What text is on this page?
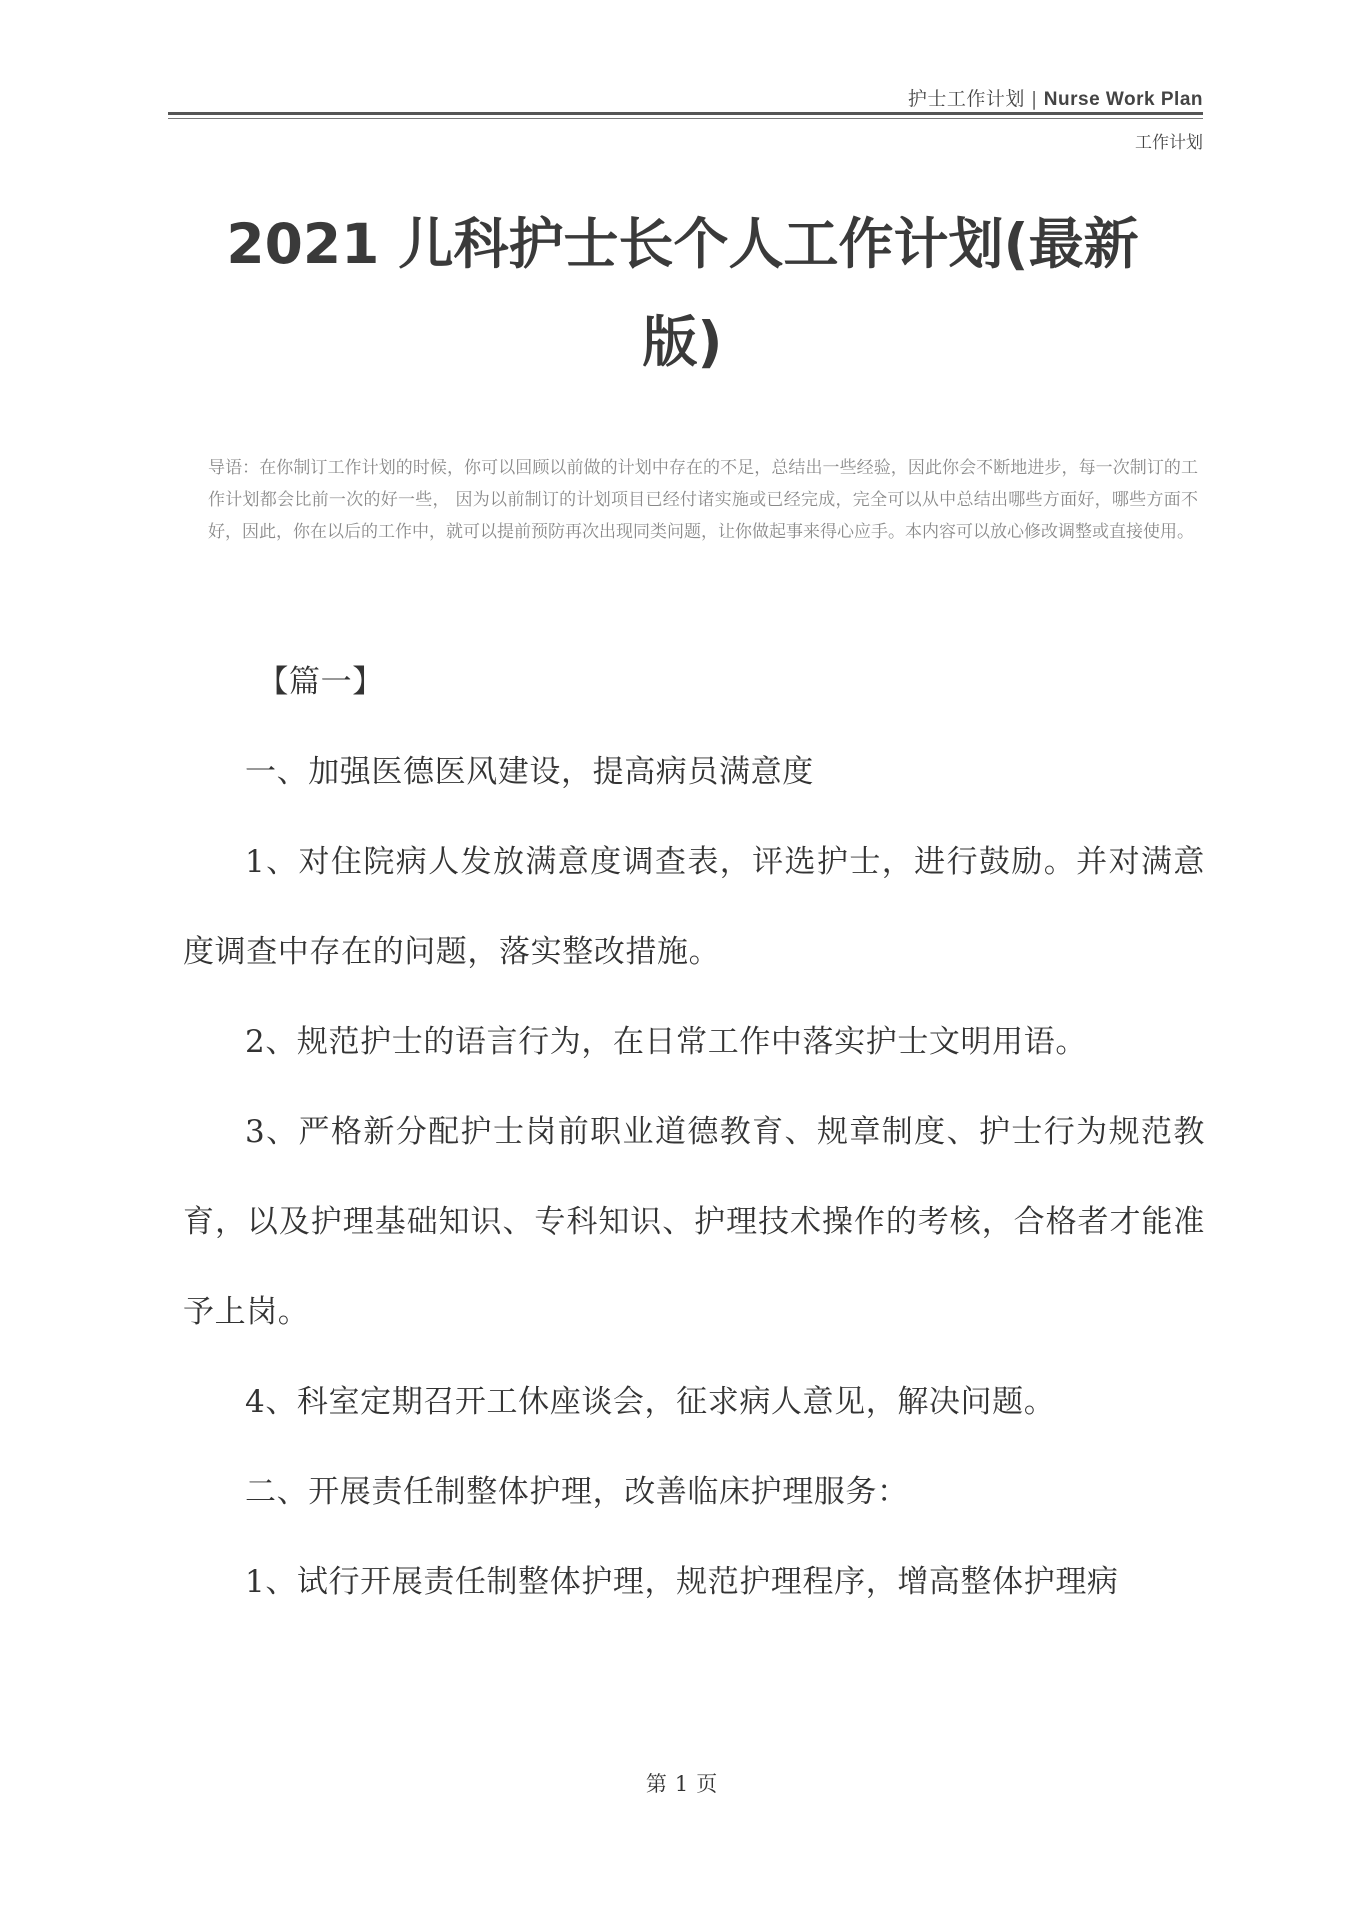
护士工作计划 | Nurse Work Plan
工作计划
2021 儿科护士长个人工作计划(最新
版)

导语：在你制订工作计划的时候，你可以回顾以前做的计划中存在的不足，总结出一些经验，因此你会不断地进步，每一次制订的工作计划都会比前一次的好一些， 因为以前制订的计划项目已经付诸实施或已经完成，完全可以从中总结出哪些方面好，哪些方面不好，因此，你在以后的工作中，就可以提前预防再次出现同类问题，让你做起事来得心应手。本内容可以放心修改调整或直接使用。

【篇一】

一、加强医德医风建设，提高病员满意度

1、对住院病人发放满意度调查表，评选护士，进行鼓励。并对满意度调查中存在的问题，落实整改措施。

2、规范护士的语言行为，在日常工作中落实护士文明用语。

3、严格新分配护士岗前职业道德教育、规章制度、护士行为规范教育，以及护理基础知识、专科知识、护理技术操作的考核，合格者才能准予上岗。

4、科室定期召开工休座谈会，征求病人意见，解决问题。

二、开展责任制整体护理，改善临床护理服务：

1、试行开展责任制整体护理，规范护理程序，增高整体护理病

第 1 页
